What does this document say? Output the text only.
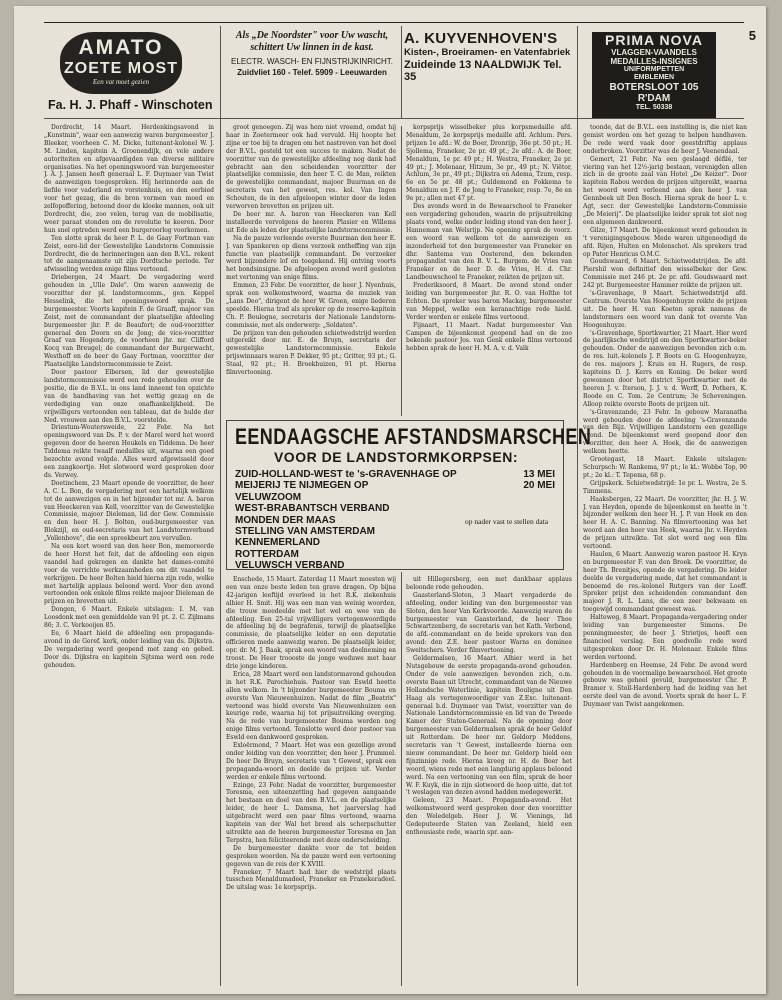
5
AMATO
ZOETE MOST
Een vat moet gezien
Fa. H. J. Phaff - Winschoten
Als „De Noordster" voor Uw wascht,
schittert Uw linnen in de kast.
ELECTR. WASCH- EN FIJNSTRIJKINRICHT.
Zuidvliet 160 - Telef. 5909 - Leeuwarden
A. KUYVENHOVEN'S
Kisten-, Broeiramen- en Vatenfabriek
Zuideinde 13 NAALDWIJK Tel. 35
PRIMA NOVA
VLAGGEN-VAANDELS
MEDAILLES-INSIGNES
UNIFORMPETTEN
EMBLEMEN
BOTERSLOOT 105 R'DAM
TEL. 50338

Dordrecht, 14 Maart. Herdenkingsavond in „Kunstmin", waar een aanwezig waren burgemeester J. Bleeker, voorheen C. M. Dicke, luitenant-kolonel W. J. M. Linden, kapitein A. Groenendijk, en vele andere autoriteiten en afgevaardigden van diverse militaire organisaties. Na het openingswoord van burgemeester J. A. J. Jansen heeft generaal L. F. Duymaer van Twist de aanwezigen toegesproken. Hij herinnerde aan de liefde voor vaderland en vorstenhuis, en den eerbied voor het gezag, die de bron vormen van moed en zelfopoffering, betoond door de kloeke mannen, ook uit Dordrecht, die, zoo velen, terug van de mobilisatie, weer paraat stonden om de revolutie te keeren. Door hun snel optreden werd een burgeroorlog voorkomen.

Ten slotte sprak de heer P. L. de Gaay Fortman van Zeist, eere-lid der Gewestelijke Landstorm Commissie Dordrecht, die de herinneringen aan den B.V.L. rekent tot de aangenaamste uit zijn Dordtsche periode. Ter afwisseling werden enige films vertoond.

Driebergen, 24 Maart. De vergadering werd gehouden in „Ulle Dale". Om waren aanwezig de voorzitter der pl. landstormcomm., gen. Keppel Hesselink, die het openingswoord sprak. De burgemeester. Voorts kapitein F. de Graaff, majoor van Zeist, met de commandant der plaatselijke afdeeling burgemeester jhr. P. de Beaufort; de oud-voorzitter generaal den Doorn en de Jong; de vice-voorzitter Graaf van Hogendorp, de voorheen jhr. mr. Clifford Kocq van Breugel; de commandant der Burgerwacht, Westhoff en de heer de Gaay Fortman, voorzitter der Plaatselijke Landstormcommissie te Zeist.

Door pastoor Elbersen, lid der gewestelijke landstormcommissie werd een rede gehouden over de positie, die de B.V.L. in ons land inneemt ten opzichte van de handhaving van het wettig gezag en de verdediging van onze onafhankelijkheid. De vrijwilligers vertoonden een tableau, dat de hulde der Ned. vrouwen aan den B.V.L. voorstelde.

Driestum-Woutersweide, 22 Febr. Na het openingswoord van Ds. P. v. der Marel werd het woord gegeven door de heeren Heukels en Tiddema. De heer Tiddema reikte twaalf medailles uit, waarna een goed bezochte avond volgde. Alles werd afgewisseld door een zangkoortje. Het slotwoord werd gesproken door ds. Verwey.

Doetinchem, 23 Maart opende de voorzitter, de heer A. C. L. Bon, de vergadering met een hartelijk welkom tot de aanwezigen en in het bijzonder tot mr. A. baron van Heeckeren van Kell, voorzitter van de Gewestelijke Commissie, majoor Dieleman, lid der Gew. Commissie en den heer H. J. Bolten, oud-burgemeester van Blokzijl, en oud-secretaris van het Landstormverband „Vollenhove", die een spreekbeurt zou vervullen.

Na een kort woord van den heer Bon, memoreerde de heer Horst het feit, dat de afdeeling een eigen vaandel had gekregen en dankte het dames-comité voor de verrichte werkzaamheden om dit vaandel te verkrijgen. De heer Bolten hield hierna zijn rede, welke met hartelijk applaus beloond werd. Voor den avond vertoonden ook enkele films reikte majoor Dieleman de prijzen en brevetten uit.

Dongen, 6 Maart. Enkele uitslagen: I. M. van Loosdonk met een gemiddelde van 91 pt. 2. C. Zijlmans 86; 3. C. Verkooijen 85.

Ee, 6 Maart hield de afdeeling een propaganda-avond in de Geref. kerk, onder leiding van ds. Dijkstra. De vergadering werd geopend met zang en gebed. Door ds. Dijkstra en kapitein Sijtsma werd een rede gehouden.

groot genoegen. Zij was hem niet vreemd, omdat hij haar in Zoetermeer ook had vervuld. Hij hoopte het zijne er toe bij te dragen om het nastreven van het doel der B.V.L. gesteld tot een succes te maken. Nadat de voorzitter van de gewestelijke afdeeling nog dank had gebracht aan den scheidenden voorzitter der plaatselijke commissie, den heer T. C. de Man, reikten de gewestelijke commandant, majoor Buurman en de secretaris van het gewest, res. kol. Van Ingen Schouten, de in den afgeloopen winter door de leden verworven brevetten en prijzen uit.

De heer mr. A. baron van Heeckeren van Kell installeerde vervolgens de heeren Plasier en Willems uit Ede als leden der plaatselijke landstormcommissie.

Na de pauze verleende overste Buurman den heer E. J. van Spankeren op diens verzoek ontheffing van zijn functie van plaatselijk commandant. De verzoeker werd bijzondere lof en toegekend. Hij ontving voorts het bondsinsigne. De afgeloopen avond werd gesloten met vertoning van enige films.

Emmen, 23 Febr. De voorzitter, de heer J. Nyenhuis, sprak een welkomstwoord, waarna de muziek van „Lans Deo", dirigent de heer W. Groen, enige liederen speelde. Hierna trad als spreker op de reserve-kapitein Ch. P. Boulogne, secretaris der Nationale Landstorm-commissie, met als onderwerp: „Soldaten".

De prijzen van den gehouden schietwedstrijd werden uitgereikt door mr. E. de Bruyn, secretaris der gewestelijke Landstormcommissie. Enkele prijswinnaars waren P. Dekker, 95 pt.; Gritter, 93 pt.; G. Staal, 92 pt.; H. Broekhuizen, 91 pt. Hierna filmvertooning.

korpsprijs wisselbeker plus korpsmedaille afd. Menaldum, 2e korpsprijs medaille afd. Achlum. Pers. prijzen 1e afd.: W. de Boer, Dronrijp, 36e pt. 50 pt.; H. Sjollema, Franeker, 2e pr. 49 pt.; 2e afd.: A. de Boer, Menaldum, 1e pr. 49 pt.; H. Westra, Franeker, 2e pr. 49 pt.; J. Molenaar, Hitzum, 3e pr., 49 pt.; N. Viëtor, Achlum, 3e pr., 49 pt.; Dijkstra en Adema, Tzum, resp. 6e en 5e pr. 48 pt.; Guldemond en Fokkema te Menaldum en J. F. de Jong te Franeker, resp. 7e, 8e en 9e pr.; allen met 47 pt.

Des avonds werd in de Bewaarschool te Franeker een vergadering gehouden, waarin de prijsuitreiking plaats vond, welke onder leiding stond van den heer J. Hanneman van Welsrijp. Na opening sprak de voorz. een woord van welkom tot de aanwezigen en inzonderheid tot den burgemeester van Franeker en dhr. Santema van Oosterend, den bekenden propagandist van den B. V. L. Burgem. de Vries van Franeker en de heer D. de Vries, H. d. Chr. Landbouwschool te Franeker, reikten de prijzen uit.

Frederiksoord, 8 Maart. De avond stond onder leiding van burgemeester jhr. R. O. van Holthe tot Echten. De spreker was baron Mackay, burgemeester van Meppel, welke een keranachtige rede hield. Verder werden er enkele films vertoond.

Fijnaart, 11 Maart. Nadat burgemeester Van Campen de bijeenkomst geopend had en de zoo bekende pastoor Jos. van Genk enkele films vertoond hebben sprak de heer H. M. A. v. d. Valk

toonde, dat de B.V.L. een instelling is, die niet kan gemist worden om het gezag te helpen handhaven. De rede werd vaak door geestdriftig applaus onderbroken. Voorzitter was de heer J. Veenendaal.

Gemert, 21 Febr. Na een geslaagd défilé, ter viering van het 12½-jarig bestaan, verenigden allen zich in de groote zaal van Hotel „De Keizer". Door kapitein Rabou werden de prijzen uitgereikt, waarna het woord werd verleend aan den heer J. van Gennbeek uit Den Bosch. Hierna sprak de heer L. v. Agt, secr. der Gewestelijke Landstorm-Commissie „De Meierij". De plaatselijke leider sprak tot slot nog een algemeen dankwoord.

Gilze, 17 Maart. De bijeenkomst werd gehouden in 't verenigingsgebouw. Mede waren uitgenoodigd de afd. Rijen, Hulten en Molenschot. Als sprekers trad op Pater Henricus O.M.C.

Goudswaard, 6 Maart. Schietwedstrijden. De afd. Piershil won definitief den wisselbeker der Gew. Commissie met 246 pt. 2e pr. afd. Goudswaard met 242 pt. Burgemeester Hammer reikte de prijzen uit.

's-Gravenhage, 9 Maart. Schietwedstrijd afd. Centrum. Overste Van Hoogenhuyze reikte de prijzen uit. De heer H. van Koeten sprak namens de landstormers een woord van dank tot overste Van Hoogenhuyze.

's-Gravenhage, Sportkwartier, 21 Maart. Hier werd de jaarlijksche wedstrijd om den Sportkwartier-beker gehouden. Onder de aanwezigen bevonden zich o.m. de res. luit.-kolonels J. P. Boots en G. Hoogenhuyze, de res. majoors J. Kruis en H. Rugers, de resp. kapiteins D. J. Kerrs en Koning. De beker werd gewonnen door het district Sportkwartier met de heeren J. v. Iterson, J. J. v. d. Werff, D. Pothers, K. Roode en C. Tom. 2e Centrum; 3e Scheveningen. Alloop reikte overste Boots de prijzen uit.

's-Gravenzande, 23 Febr. In gebouw Maranatha werd gehouden door de afdeeling 's-Gravenzande van den Bijz. Vrijwilligen Landstorm een gezellige avond. De bijeenkomst werd geopend door den voorzitter, den heer A. Hoek, die de aanwezigen welkom heette.

Grootegast, 18 Maart. Enkele uitslagen: Schurpsch: W. Rankema, 97 pt.; le kl.: Wobbe Top, 90 pt.; 2e kl.: T. Tepema, 68 p.

Grijpskerk. Schietwedstrijd: 1e pr. L. Westra, 2e S. Timmens.

Haaksbergen, 22 Maart. De voorzitter, jhr. H. J. W. J. van Heyden, opende de bijeenkomst en heette in 't bijzonder welkom den heer H. J. P. van Heek en den heer H. A. C. Banning. Na filmvertooning was het woord aan den heer van Heek, waarna jhr. v. Heyden de prijzen uitreikte. Tot slot werd nog een film vertoond.

Haulen, 6 Maart. Aanwezig waren pastoor H. Kryn en burgemeester F. van den Broek. De voorzitter, de heer Th. Brenitjes, opende de vergadering. De leider deelde de vergadering mede, dat het commandant is benoemd de res.-kolonel Rutgers van der Loeff. Spreker prijst den scheidenden commandant den majoor J. R. L. Lans, die een zeer bekwaam en toegewijd commandant geweest was.

Halteweg, 8 Maart. Propaganda-vergadering onder leiding van burgemeester Simons. De penningmeester, de heer J. Strietjes, heeft een financieel verslag. Een goedvolle rede werd uitgesproken door Dr. H. Molenaar. Enkele films werden vertoond.

Hardenberg en Heemse, 24 Febr. De avond werd gehouden in de voormalige bewaarschool. Het groote gebouw was geheel gevuld, burgemeester Chr. P. Bramer v. Stoll-Hardenberg had de leiding van het eerste deel van de avond. Voorts sprak de heer L. F. Duymaer van Twist aangekomen.

EENDAAGSCHE AFSTANDSMARSCHEN
VOOR DE LANDSTORMKORPSEN:
ZUID-HOLLAND-WEST te 's-GRAVENHAGE OP	13 MEI
MEIJERIJ TE NIJMEGEN OP	20 MEI
VELUWZOOM
WEST-BRABANTSCH VERBAND
MONDEN DER MAAS
STELLING VAN AMSTERDAM
KENNEMERLAND
ROTTERDAM
VELUWSCH VERBAND
op nader vast te stellen data

Enschede, 15 Maart. Zaterdag 11 Maart moesten wij een van onze beste leden ten grave dragen. Op bijna 42-jarigen leeftijd overleed in het R.K. ziekenhuis alhier H. Smit. Hij was een man van weinig woorden, die trouw meedeelde met het wel en wee van de afdeeling. Een 25-tal vrijwilligers vertegenwoordigde de afdeeling bij de begrafenis, terwijl de plaatselijke commissie, de plaatselijke leider en een deputatie officieren mede aanwezig waren. De plaatselijk leider, opr. dr. M. J. Baak, sprak een woord van deelneming en troost. De Heer troooste de jonge weduwe met haar drie jonge kinderen.

Erica, 28 Maart werd een landstormavond gehouden in het R.K. Parochiehuis. Pastoor van Eswld heette allen welkom. In 't bijzonder burgemeester Bouma en overste Van Nieuwenhuizen. Nadat de film „Beatrix" vertoond was hield overste Van Nieuwenhuizen een keurige rede, waarna hij tot prijsuitreiking overging. Na de rede van burgemeester Bouma werden nog enige films vertoond. Tenslotte werd door pastoor van Eswld een dankwoord gesproken.

Exloërmond, 7 Maart. Het was een gezellige avond onder leiding van den voorzitter, den heer J. Prummel. De heer De Bruyn, secretaris van 't Gewest, sprak een propaganda-woord en deelde de prijzen uit. Verder werden er enkele films vertoond.

Ezinge, 23 Febr. Nadat de voorzitter, burgemeester Toresma, een uiteenzetting had gegeven aangaande het bestaan en doel van den B.V.L. en de plaatselijke leider, de heer L. Damsma, het jaarverslag had uitgebracht werd een paar films vertoond, waarna kapitein van der Wal het breed als scherpschutter uitreikte aan de heeren burgemeester Toresma en Jan Terpstra, hen feliciteerende met deze onderscheiding.

De burgemeester dankte voor de tot beiden gesproken woorden. Na de pauze werd een vertooning gegeven van de reis der K XVIII.

Franeker, 7 Maart had hier de wedstrijd plaats tusschen Menaldumadeel, Franeker en Franekeradeel. De uitslag was: 1e korpsprijs.

uit Hillegersberg, een met dankbaar applaus beloonde rede gehouden.

Gaasterland-Sloten, 3 Maart vergaderde de afdeeling, onder leiding van den burgemeester van Sloten, den heer Van Kerkvoorde. Aanwezig waren de burgemeester van Gaasterland, de heer Thoe Schwartzenberg, de secretaris van het Kath. Verbond, de afd.-commandant en de beide sprekers van den avond: den Z.E. heer pastoor Warns en dominee Sweitschers. Verder filmvertooning.

Geldermalsen, 16 Maart. Alhier werd in het Nutsgebouw de eerste propaganda-avond gehouden. Onder de vele aanwezigen bevonden zich, o.m. overste Baan uit Utrecht, commandant van de Nieuwe Hollandsche Waterlinie, kapitein Bouligne uit Den Haag als vertegenwoordiger van Z.Exc. luitenant-generaal b.d. Duymaer van Twist, voorzitter van de Nationale Landstormcommissie en lid van de Tweede Kamer der Staten-Generaal. Na de opening door burgemeester van Geldermalsen sprak de heer Geldof uit Rotterdam. De heer mr. Geldorp Meddens, secretaris van 't Gewest, installeerde hierna een nieuw commandant. De heer mr. Geldorp hield een fijnzinnige rede. Hierna kreeg nr. H. de Boer het woord, wiens rede met een langdurig applaus beloond werd. Na een vertooning van een film, sprak de heer W. F. Kuyk, die in zijn slotwoord de hoop uitte, dat tot 't weslagen van dezen avond hadden medegewerkt.

Geleen, 23 Maart. Propaganda-avond. Het welkomstwoord werd gesproken door den voorzitter den Weledelgeb. Heer J. W. Vienings, lid Gedeputeerde Staten van Zeeland, hield een enthousiaste rede, waarin spr. aan-
